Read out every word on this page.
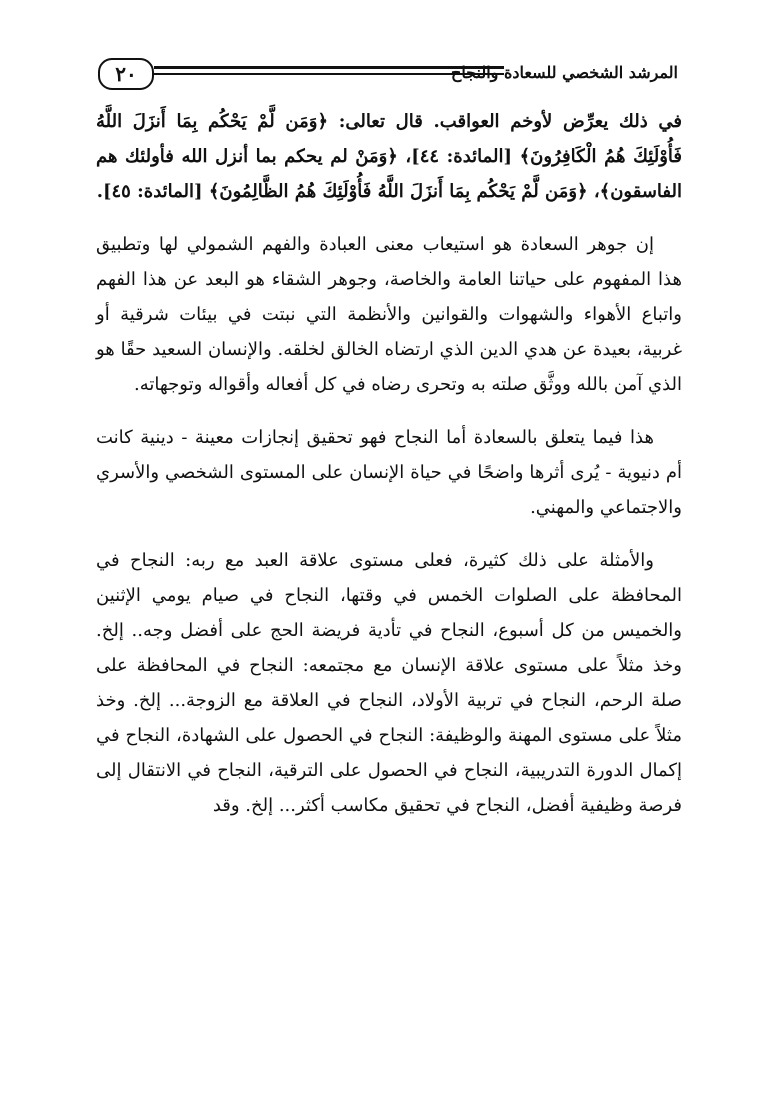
٢٠	المرشد الشخصي للسعادة والنجاح

في ذلك يعرِّض لأوخم العواقب. قال تعالى: ﴿وَمَن لَّمْ يَحْكُم بِمَا أَنزَلَ اللَّهُ فَأُوْلَئِكَ هُمُ الْكَافِرُونَ﴾ [المائدة: ٤٤]، ﴿وَمَنْ لم يحكم بما أنزل الله فأولئك هم الفاسقون﴾، ﴿وَمَن لَّمْ يَحْكُم بِمَا أَنزَلَ اللَّهُ فَأُوْلَئِكَ هُمُ الظَّالِمُونَ﴾ [المائدة: ٤٥].

إن جوهر السعادة هو استيعاب معنى العبادة والفهم الشمولي لها وتطبيق هذا المفهوم على حياتنا العامة والخاصة، وجوهر الشقاء هو البعد عن هذا الفهم واتباع الأهواء والشهوات والقوانين والأنظمة التي نبتت في بيئات شرقية أو غربية، بعيدة عن هدي الدين الذي ارتضاه الخالق لخلقه. والإنسان السعيد حقًا هو الذي آمن بالله ووثَّق صلته به وتحرى رضاه في كل أفعاله وأقواله وتوجهاته.

هذا فيما يتعلق بالسعادة أما النجاح فهو تحقيق إنجازات معينة - دينية كانت أم دنيوية - يُرى أثرها واضحًا في حياة الإنسان على المستوى الشخصي والأسري والاجتماعي والمهني.

والأمثلة على ذلك كثيرة، فعلى مستوى علاقة العبد مع ربه: النجاح في المحافظة على الصلوات الخمس في وقتها، النجاح في صيام يومي الإثنين والخميس من كل أسبوع، النجاح في تأدية فريضة الحج على أفضل وجه.. إلخ. وخذ مثلاً على مستوى علاقة الإنسان مع مجتمعه: النجاح في المحافظة على صلة الرحم، النجاح في تربية الأولاد، النجاح في العلاقة مع الزوجة... إلخ. وخذ مثلاً على مستوى المهنة والوظيفة: النجاح في الحصول على الشهادة، النجاح في إكمال الدورة التدريبية، النجاح في الحصول على الترقية، النجاح في الانتقال إلى فرصة وظيفية أفضل، النجاح في تحقيق مكاسب أكثر... إلخ. وقد
